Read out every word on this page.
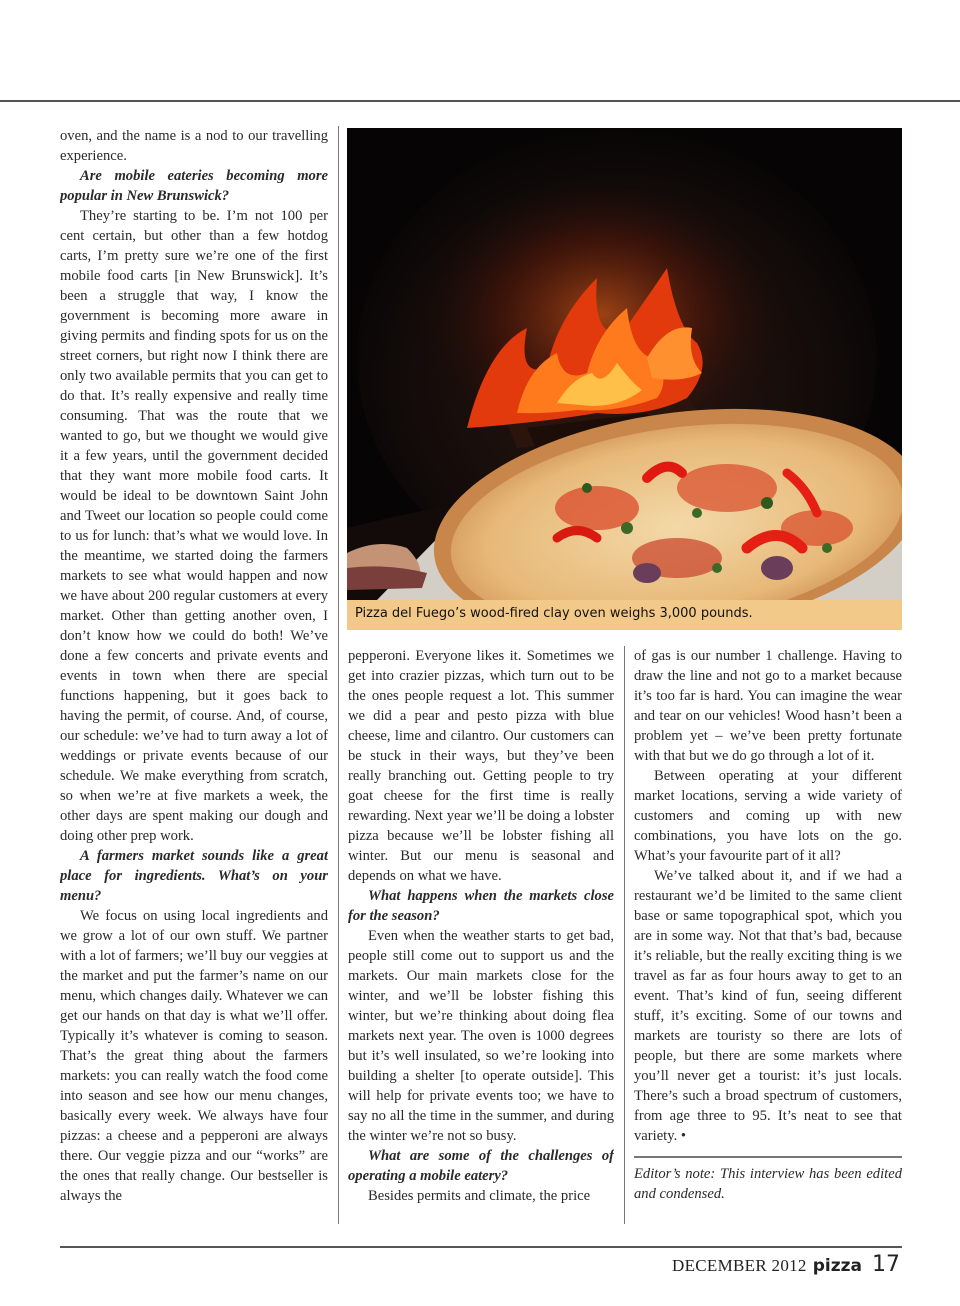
oven, and the name is a nod to our travelling experience.

Are mobile eateries becoming more popular in New Brunswick?

They’re starting to be. I’m not 100 per cent certain, but other than a few hotdog carts, I’m pretty sure we’re one of the first mobile food carts [in New Brunswick]. It’s been a struggle that way, I know the government is becoming more aware in giving permits and finding spots for us on the street corners, but right now I think there are only two available permits that you can get to do that. It’s really expensive and really time consuming. That was the route that we wanted to go, but we thought we would give it a few years, until the government decided that they want more mobile food carts. It would be ideal to be downtown Saint John and Tweet our location so people could come to us for lunch: that’s what we would love. In the meantime, we started doing the farmers markets to see what would happen and now we have about 200 regular customers at every market. Other than getting another oven, I don’t know how we could do both! We’ve done a few concerts and private events and events in town when there are special functions happening, but it goes back to having the permit, of course. And, of course, our schedule: we’ve had to turn away a lot of weddings or private events because of our schedule. We make everything from scratch, so when we’re at five markets a week, the other days are spent making our dough and doing other prep work.

A farmers market sounds like a great place for ingredients. What’s on your menu?

We focus on using local ingredients and we grow a lot of our own stuff. We partner with a lot of farmers; we’ll buy our veggies at the market and put the farmer’s name on our menu, which changes daily. Whatever we can get our hands on that day is what we’ll offer. Typically it’s whatever is coming to season. That’s the great thing about the farmers markets: you can really watch the food come into season and see how our menu changes, basically every week. We always have four pizzas: a cheese and a pepperoni are always there. Our veggie pizza and our “works” are the ones that really change. Our bestseller is always the

Pizza del Fuego’s wood-fired clay oven weighs 3,000 pounds.

pepperoni. Everyone likes it. Sometimes we get into crazier pizzas, which turn out to be the ones people request a lot. This summer we did a pear and pesto pizza with blue cheese, lime and cilantro. Our customers can be stuck in their ways, but they’ve been really branching out. Getting people to try goat cheese for the first time is really rewarding. Next year we’ll be doing a lobster pizza because we’ll be lobster fishing all winter. But our menu is seasonal and depends on what we have.

What happens when the markets close for the season?

Even when the weather starts to get bad, people still come out to support us and the markets. Our main markets close for the winter, and we’ll be lobster fishing this winter, but we’re thinking about doing flea markets next year. The oven is 1000 degrees but it’s well insulated, so we’re looking into building a shelter [to operate outside]. This will help for private events too; we have to say no all the time in the summer, and during the winter we’re not so busy.

What are some of the challenges of operating a mobile eatery?

Besides permits and climate, the price

of gas is our number 1 challenge. Having to draw the line and not go to a market because it’s too far is hard. You can imagine the wear and tear on our vehicles! Wood hasn’t been a problem yet – we’ve been pretty fortunate with that but we do go through a lot of it.

Between operating at your different market locations, serving a wide variety of customers and coming up with new combinations, you have lots on the go. What’s your favourite part of it all?

We’ve talked about it, and if we had a restaurant we’d be limited to the same client base or same topographical spot, which you are in some way. Not that that’s bad, because it’s reliable, but the really exciting thing is we travel as far as four hours away to get to an event. That’s kind of fun, seeing different stuff, it’s exciting. Some of our towns and markets are touristy so there are lots of people, but there are some markets where you’ll never get a tourist: it’s just locals. There’s such a broad spectrum of customers, from age three to 95. It’s neat to see that variety. •

Editor’s note: This interview has been edited and condensed.

DECEMBER 2012 pizza 17
